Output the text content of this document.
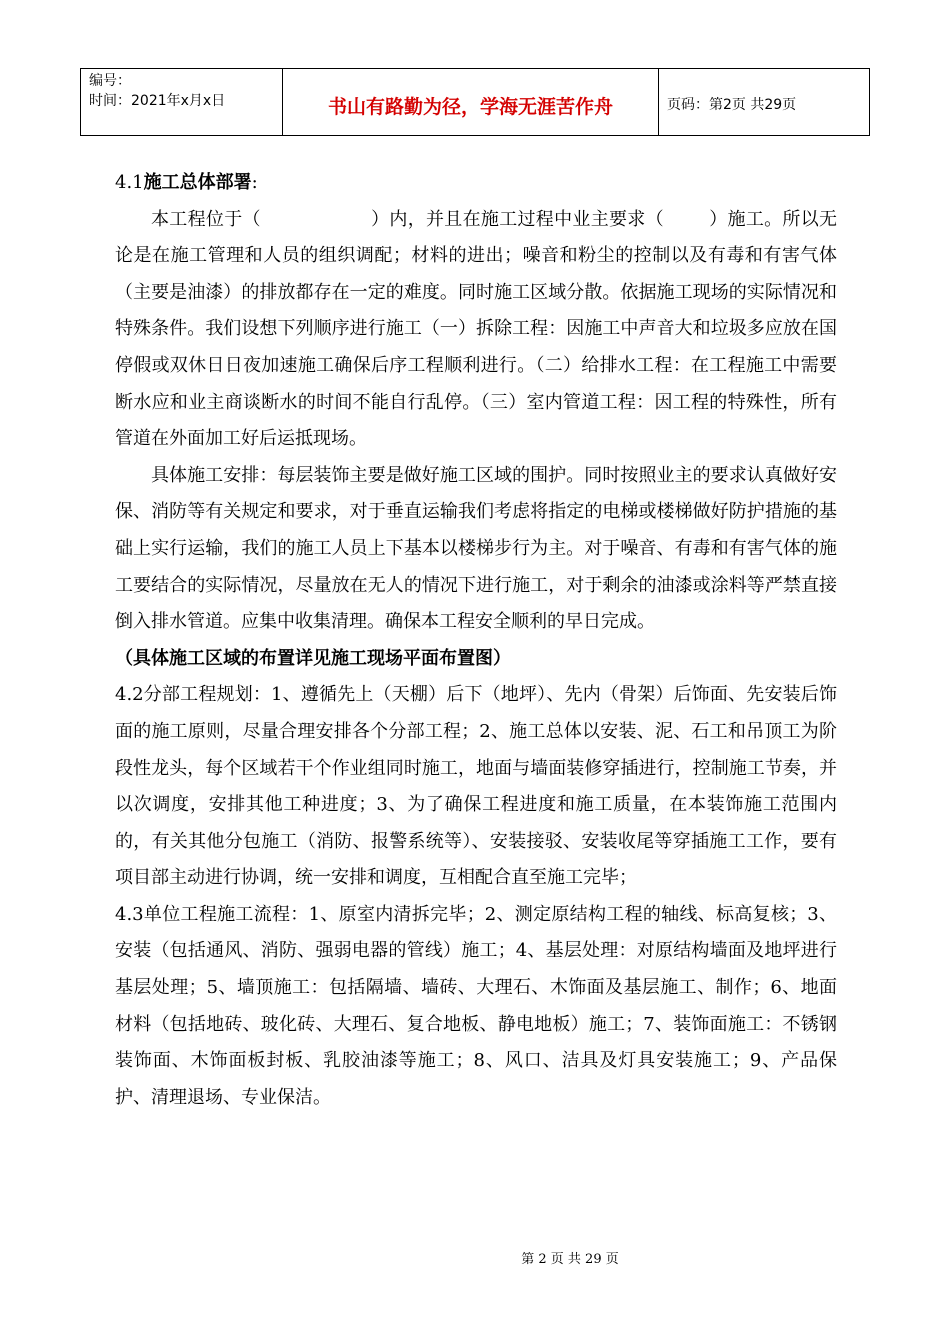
编号：
时间：2021年x月x日	书山有路勤为径，学海无涯苦作舟	页码：第2页 共29页

4.1施工总体部署:

本工程位于（	）内，并且在施工过程中业主要求（	）施工。所以无论是在施工管理和人员的组织调配；材料的进出；噪音和粉尘的控制以及有毒和有害气体（主要是油漆）的排放都存在一定的难度。同时施工区域分散。依据施工现场的实际情况和特殊条件。我们设想下列顺序进行施工（一）拆除工程：因施工中声音大和垃圾多应放在国停假或双休日日夜加速施工确保后序工程顺利进行。（二）给排水工程：在工程施工中需要断水应和业主商谈断水的时间不能自行乱停。（三）室内管道工程：因工程的特殊性，所有管道在外面加工好后运抵现场。

具体施工安排：每层装饰主要是做好施工区域的围护。同时按照业主的要求认真做好安保、消防等有关规定和要求，对于垂直运输我们考虑将指定的电梯或楼梯做好防护措施的基础上实行运输，我们的施工人员上下基本以楼梯步行为主。对于噪音、有毒和有害气体的施工要结合的实际情况，尽量放在无人的情况下进行施工，对于剩余的油漆或涂料等严禁直接倒入排水管道。应集中收集清理。确保本工程安全顺利的早日完成。

（具体施工区域的布置详见施工现场平面布置图）

4.2分部工程规划：1、遵循先上（天棚）后下（地坪）、先内（骨架）后饰面、先安装后饰面的施工原则，尽量合理安排各个分部工程；2、施工总体以安装、泥、石工和吊顶工为阶段性龙头，每个区域若干个作业组同时施工，地面与墙面装修穿插进行，控制施工节奏，并以次调度，安排其他工种进度；3、为了确保工程进度和施工质量，在本装饰施工范围内的，有关其他分包施工（消防、报警系统等）、安装接驳、安装收尾等穿插施工工作，要有项目部主动进行协调，统一安排和调度，互相配合直至施工完毕；

4.3单位工程施工流程：1、原室内清拆完毕；2、测定原结构工程的轴线、标高复核；3、安装（包括通风、消防、强弱电器的管线）施工；4、基层处理：对原结构墙面及地坪进行基层处理；5、墙顶施工：包括隔墙、墙砖、大理石、木饰面及基层施工、制作；6、地面材料（包括地砖、玻化砖、大理石、复合地板、静电地板）施工；7、装饰面施工：不锈钢装饰面、木饰面板封板、乳胶油漆等施工；8、风口、洁具及灯具安装施工；9、产品保护、清理退场、专业保洁。

第 2 页 共 29 页
